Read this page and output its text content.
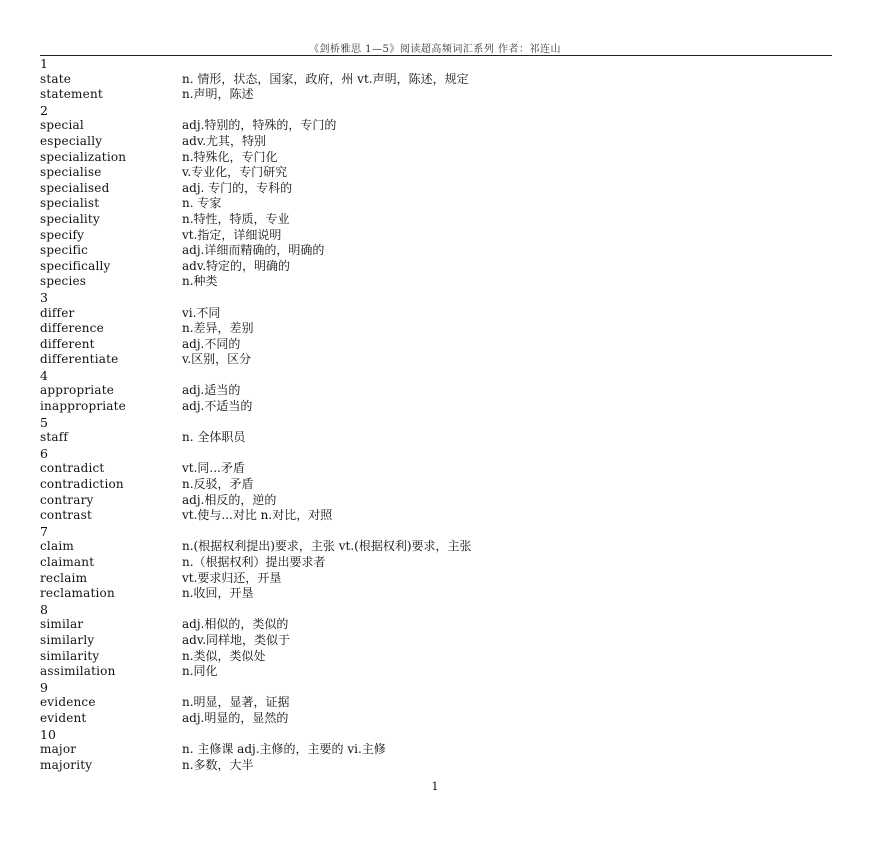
《剑桥雅思 1—5》阅读超高频词汇系列 作者：祁连山
1
state	n. 情形，状态，国家，政府，州 vt.声明，陈述，规定
statement	n.声明，陈述
2
special	adj.特别的，特殊的，专门的
especially	adv.尤其，特别
specialization	n.特殊化，专门化
specialise	v.专业化，专门研究
specialised	adj. 专门的，专科的
specialist	n. 专家
speciality	n.特性，特质，专业
specify	vt.指定，详细说明
specific	adj.详细而精确的，明确的
specifically	adv.特定的，明确的
species	n.种类
3
differ	vi.不同
difference	n.差异，差别
different	adj.不同的
differentiate	v.区别，区分
4
appropriate	adj.适当的
inappropriate	adj.不适当的
5
staff	n. 全体职员
6
contradict	vt.同...矛盾
contradiction	n.反驳，矛盾
contrary	adj.相反的，逆的
contrast	vt.使与...对比 n.对比，对照
7
claim	n.(根据权利提出)要求，主张 vt.(根据权利)要求，主张
claimant	n.（根据权利）提出要求者
reclaim	vt.要求归还，开垦
reclamation	n.收回，开垦
8
similar	adj.相似的，类似的
similarly	adv.同样地，类似于
similarity	n.类似，类似处
assimilation	n.同化
9
evidence	n.明显，显著，证据
evident	adj.明显的，显然的
10
major	n. 主修课 adj.主修的，主要的 vi.主修
majority	n.多数，大半
1
